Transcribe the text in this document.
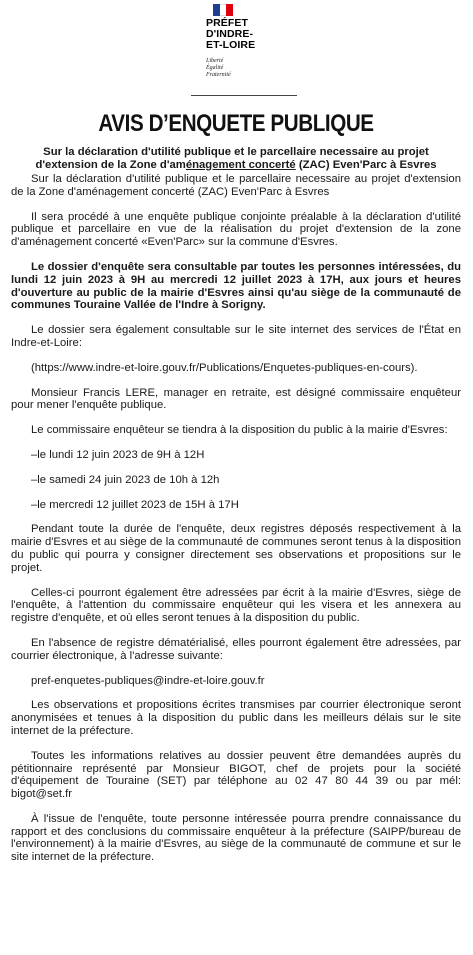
PRÉFET
D'INDRE-
ET-LOIRE
Liberté
Égalité
Fraternité
AVIS D’ENQUETE PUBLIQUE
Sur la déclaration d'utilité publique et le parcellaire necessaire au projet d'extension de la Zone d'aménagement concerté (ZAC) Even'Parc à Esvres

Sur la déclaration d'utilité publique et le parcellaire necessaire au projet d'extension de la Zone d'aménagement concerté (ZAC) Even'Parc à Esvres

Il sera procédé à une enquête publique conjointe préalable à la déclaration d'utilité publique et parcellaire en vue de la réalisation du projet d'extension de la zone d'aménagement concerté «Even'Parc» sur la commune d'Esvres.

Le dossier d'enquête sera consultable par toutes les personnes intéressées, du lundi 12 juin 2023 à 9H au mercredi 12 juillet 2023 à 17H, aux jours et heures d'ouverture au public de la mairie d'Esvres ainsi qu'au siège de la communauté de communes Touraine Vallée de l'Indre à Sorigny.

Le dossier sera également consultable sur le site internet des services de l'État en Indre-et-Loire:

(https://www.indre-et-loire.gouv.fr/Publications/Enquetes-publiques-en-cours).

Monsieur Francis LERE, manager en retraite, est désigné commissaire enquêteur pour mener l'enquête publique.

Le commissaire enquêteur se tiendra à la disposition du public à la mairie d'Esvres:

–le lundi 12 juin 2023 de 9H à 12H

–le samedi 24 juin 2023 de 10h à 12h

–le mercredi 12 juillet 2023 de 15H à 17H

Pendant toute la durée de l'enquête, deux registres déposés respectivement à la mairie d'Esvres et au siège de la communauté de communes seront tenus à la disposition du public qui pourra y consigner directement ses observations et propositions sur le projet.

Celles-ci pourront également être adressées par écrit à la mairie d'Esvres, siège de l'enquête, à l'attention du commissaire enquêteur qui les visera et les annexera au registre d'enquête, et où elles seront tenues à la disposition du public.

En l'absence de registre dématérialisé, elles pourront également être adressées, par courrier électronique, à l'adresse suivante:

pref-enquetes-publiques@indre-et-loire.gouv.fr

Les observations et propositions écrites transmises par courrier électronique seront anonymisées et tenues à la disposition du public dans les meilleurs délais sur le site internet de la préfecture.

Toutes les informations relatives au dossier peuvent être demandées auprès du pétitionnaire représenté par Monsieur BIGOT, chef de projets pour la société d'équipement de Touraine (SET) par téléphone au 02 47 80 44 39 ou par mél: bigot@set.fr

À l'issue de l'enquête, toute personne intéressée pourra prendre connaissance du rapport et des conclusions du commissaire enquêteur à la préfecture (SAIPP/bureau de l'environnement) à la mairie d'Esvres, au siège de la communauté de commune et sur le site internet de la préfecture.
